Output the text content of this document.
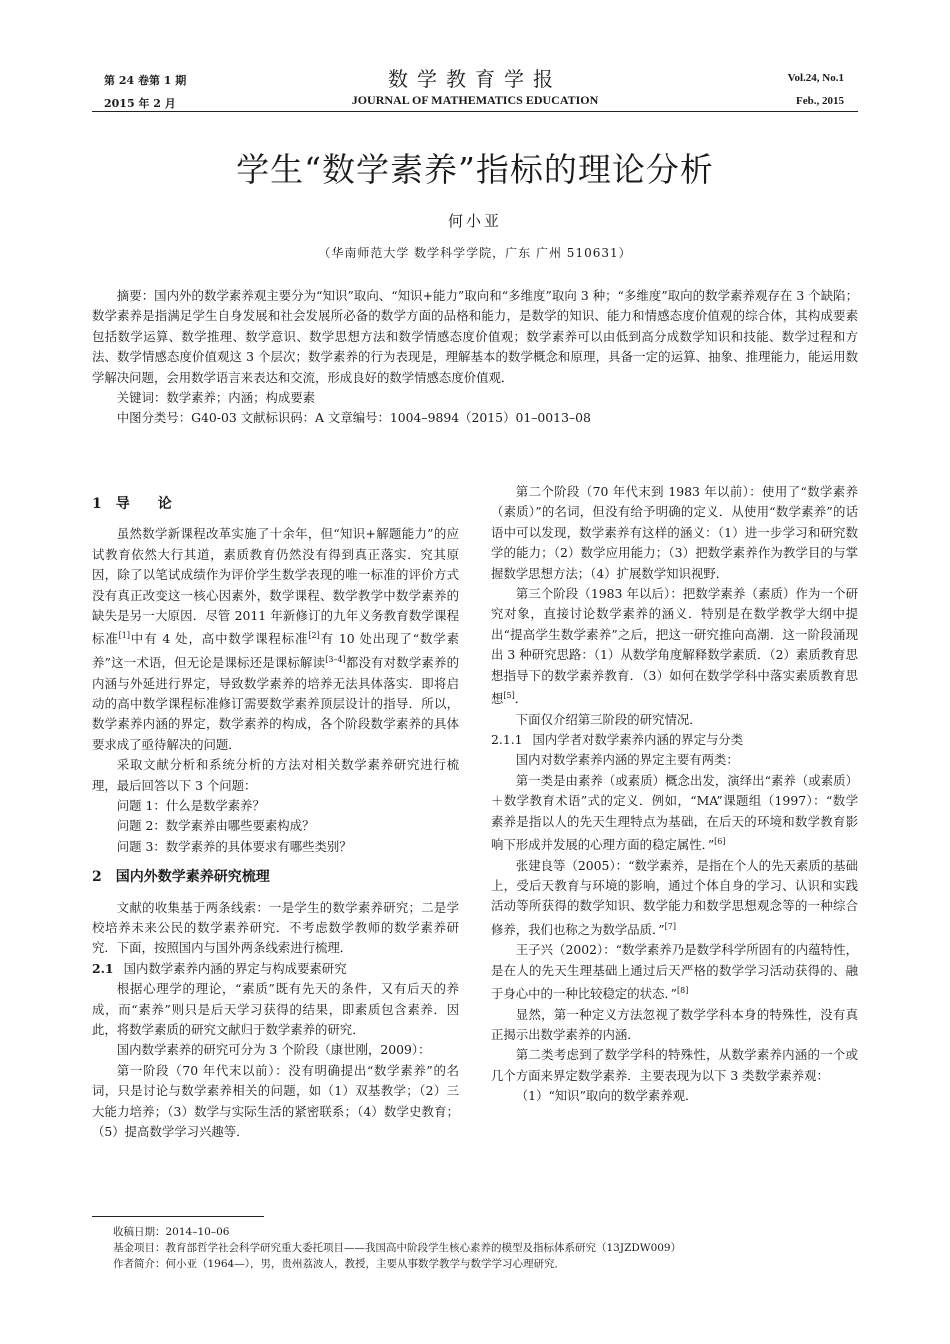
第 24 卷第 1 期
2015 年 2 月
数学教育学报
JOURNAL OF MATHEMATICS EDUCATION
Vol.24, No.1
Feb., 2015
学生“数学素养”指标的理论分析
何小亚
（华南师范大学 数学科学学院，广东 广州 510631）

摘要：国内外的数学素养观主要分为“知识”取向、“知识+能力”取向和“多维度”取向 3 种；“多维度”取向的数学素养观存在 3 个缺陷；数学素养是指满足学生自身发展和社会发展所必备的数学方面的品格和能力，是数学的知识、能力和情感态度价值观的综合体，其构成要素包括数学运算、数学推理、数学意识、数学思想方法和数学情感态度价值观；数学素养可以由低到高分成数学知识和技能、数学过程和方法、数学情感态度价值观这 3 个层次；数学素养的行为表现是，理解基本的数学概念和原理，具备一定的运算、抽象、推理能力，能运用数学解决问题，会用数学语言来表达和交流，形成良好的数学情感态度价值观．

关键词：数学素养；内涵；构成要素

中图分类号：G40-03 文献标识码：A 文章编号：1004–9894（2015）01–0013–08

1　导　　论

虽然数学新课程改革实施了十余年，但“知识+解题能力”的应试教育依然大行其道，素质教育仍然没有得到真正落实．究其原因，除了以笔试成绩作为评价学生数学表现的唯一标准的评价方式没有真正改变这一核心因素外，数学课程、数学教学中数学素养的缺失是另一大原因．尽管 2011 年新修订的九年义务教育数学课程标准[1]中有 4 处，高中数学课程标准[2]有 10 处出现了“数学素养”这一术语，但无论是课标还是课标解读[3–4]都没有对数学素养的内涵与外延进行界定，导致数学素养的培养无法具体落实．即将启动的高中数学课程标准修订需要数学素养顶层设计的指导．所以，数学素养内涵的界定，数学素养的构成，各个阶段数学素养的具体要求成了亟待解决的问题．

采取文献分析和系统分析的方法对相关数学素养研究进行梳理，最后回答以下 3 个问题：

问题 1：什么是数学素养？

问题 2：数学素养由哪些要素构成？

问题 3：数学素养的具体要求有哪些类别？

2　国内外数学素养研究梳理

文献的收集基于两条线索：一是学生的数学素养研究；二是学校培养未来公民的数学素养研究．不考虑数学教师的数学素养研究．下面，按照国内与国外两条线索进行梳理．

2.1 国内数学素养内涵的界定与构成要素研究

根据心理学的理论，“素质”既有先天的条件，又有后天的养成，而“素养”则只是后天学习获得的结果，即素质包含素养．因此，将数学素质的研究文献归于数学素养的研究．

国内数学素养的研究可分为 3 个阶段（康世刚，2009）：

第一阶段（70 年代末以前）：没有明确提出“数学素养”的名词，只是讨论与数学素养相关的问题，如（1）双基教学；（2）三大能力培养；（3）数学与实际生活的紧密联系；（4）数学史教育；（5）提高数学学习兴趣等．

第二个阶段（70 年代末到 1983 年以前）：使用了“数学素养（素质）”的名词，但没有给予明确的定义．从使用“数学素养”的话语中可以发现，数学素养有这样的涵义：（1）进一步学习和研究数学的能力；（2）数学应用能力；（3）把数学素养作为教学目的与掌握数学思想方法；（4）扩展数学知识视野．

第三个阶段（1983 年以后）：把数学素养（素质）作为一个研究对象，直接讨论数学素养的涵义．特别是在数学教学大纲中提出“提高学生数学素养”之后，把这一研究推向高潮．这一阶段涌现出 3 种研究思路：（1）从数学角度解释数学素质．（2）素质教育思想指导下的数学素养教育．（3）如何在数学学科中落实素质教育思想[5]．

下面仅介绍第三阶段的研究情况．

2.1.1 国内学者对数学素养内涵的界定与分类

国内对数学素养内涵的界定主要有两类：

第一类是由素养（或素质）概念出发，演绎出“素养（或素质）＋数学教育术语”式的定义．例如，“MA”课题组（1997）：“数学素养是指以人的先天生理特点为基础，在后天的环境和数学教育影响下形成并发展的心理方面的稳定属性．”[6]

张建良等（2005）：“数学素养，是指在个人的先天素质的基础上，受后天教育与环境的影响，通过个体自身的学习、认识和实践活动等所获得的数学知识、数学能力和数学思想观念等的一种综合修养，我们也称之为数学品质．”[7]

王子兴（2002）：“数学素养乃是数学科学所固有的内蕴特性，是在人的先天生理基础上通过后天严格的数学学习活动获得的、融于身心中的一种比较稳定的状态．”[8]

显然，第一种定义方法忽视了数学学科本身的特殊性，没有真正揭示出数学素养的内涵．

第二类考虑到了数学学科的特殊性，从数学素养内涵的一个或几个方面来界定数学素养．主要表现为以下 3 类数学素养观：

（1）“知识”取向的数学素养观．

收稿日期：2014–10–06

基金项目：教育部哲学社会科学研究重大委托项目——我国高中阶段学生核心素养的模型及指标体系研究（13JZDW009）

作者简介：何小亚（1964—），男，贵州荔波人，教授，主要从事数学教学与数学学习心理研究．
